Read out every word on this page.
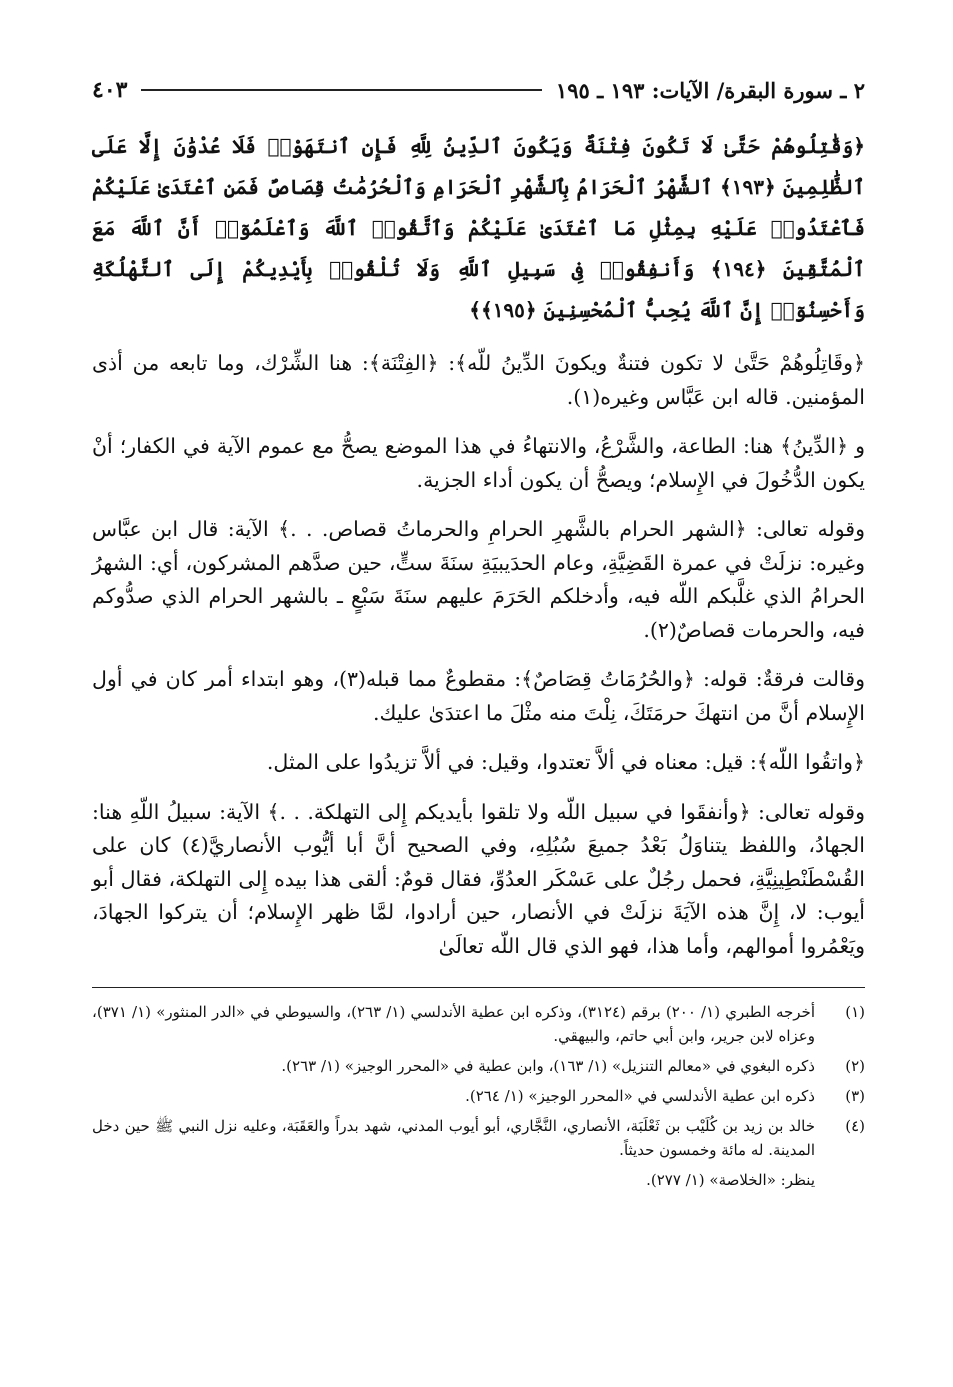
٢ ـ سورة البقرة/ الآيات: ١٩٣ ـ ١٩٥
٤٠٣
﴿وَقَٰتِلُوهُمْ حَتَّىٰ لَا تَكُونَ فِتْنَةٌ وَيَكُونَ ٱلدِّينُ لِلَّهِ فَإِنِ ٱنتَهَوْا۟ فَلَا عُدْوَٰنَ إِلَّا عَلَى ٱلظَّٰلِمِينَ ﴿١٩٣﴾ ٱلشَّهْرُ ٱلْحَرَامُ بِٱلشَّهْرِ ٱلْحَرَامِ وَٱلْحُرُمَٰتُ قِصَاصٌ فَمَنِ ٱعْتَدَىٰ عَلَيْكُمْ فَٱعْتَدُوا۟ عَلَيْهِ بِمِثْلِ مَا ٱعْتَدَىٰ عَلَيْكُمْ وَٱتَّقُوا۟ ٱللَّهَ وَٱعْلَمُوٓا۟ أَنَّ ٱللَّهَ مَعَ ٱلْمُتَّقِينَ ﴿١٩٤﴾ وَأَنفِقُوا۟ فِى سَبِيلِ ٱللَّهِ وَلَا تُلْقُوا۟ بِأَيْدِيكُمْ إِلَى ٱلتَّهْلُكَةِ وَأَحْسِنُوٓا۟ إِنَّ ٱللَّهَ يُحِبُّ ٱلْمُحْسِنِينَ ﴿١٩٥﴾﴾
﴿وقَاتِلُوهُمْ حَتَّىٰ لا تكون فتنةٌ ويكونَ الدِّينُ للّه﴾: ﴿الفِتْنَة﴾: هنا الشِّرْك، وما تابعه من أذى المؤمنين. قاله ابن عَبَّاس وغيره(١).
و ﴿الدِّينُ﴾ هنا: الطاعة، والشَّرْعُ، والانتهاءُ في هذا الموضع يصحُّ مع عموم الآية في الكفار؛ أنْ يكون الدُّخُولَ في الإِسلام؛ ويصحُّ أن يكون أداء الجزية.
وقوله تعالى: ﴿الشهر الحرام بالشَّهرِ الحرامِ والحرماتُ قصاص. . .﴾ الآية: قال ابن عبَّاس وغيره: نزلَتْ في عمرة القَضِيَّةِ، وعام الحدَيبيَةِ سنَةَ ستٍّ، حين صدَّهم المشركون، أي: الشهرُ الحرامُ الذي غلَّبكم اللّه فيه، وأدخلكم الحَرَمَ عليهم سنَةَ سَبْعٍ ـ بالشهر الحرام الذي صدُّوكم فيه، والحرمات قصاصٌ(٢).
وقالت فرقةٌ: قوله: ﴿والحُرُمَاتُ قِصَاصٌ﴾: مقطوعٌ مما قبله(٣)، وهو ابتداء أمر كان في أول الإِسلام أنَّ من انتهكَ حرمَتَكَ، نِلْتَ منه مثْلَ ما اعتدَىٰ عليك.
﴿واتقُوا اللّه﴾: قيل: معناه في ألاَّ تعتدوا، وقيل: في ألاَّ تزيدُوا على المثل.
وقوله تعالى: ﴿وأنفقَوا في سبيل اللّه ولا تلقوا بأيديكم إِلى التهلكة. . .﴾ الآية: سبيلُ اللّهِ هنا: الجهادُ، واللفظ يتناوَلُ بَعْدُ جميعَ سُبُلِهِ، وفي الصحيح أنَّ أبا أيُّوب الأنصاريَّ(٤) كان على القُسْطَنْطِينِيَّةِ، فحمل رجُلٌ على عَسْكَر العدُوِّ، فقال قومٌ: ألقى هذا بيده إِلى التهلكة، فقال أبو أيوب: لا، إِنَّ هذه الآيَةَ نزلَتْ في الأنصار، حين أرادوا، لمَّا ظهر الإِسلام؛ أن يتركوا الجهادَ، ويَعْمُروا أموالهم، وأما هذا، فهو الذي قال اللّه تعالَىٰ
(١)
أخرجه الطبري (١/ ٢٠٠) برقم (٣١٢٤)، وذكره ابن عطية الأندلسي (١/ ٢٦٣)، والسيوطي في «الدر المنثور» (١/ ٣٧١)، وعزاه لابن جرير، وابن أبي حاتم، والبيهقي.
(٢)
ذكره البغوي في «معالم التنزيل» (١/ ١٦٣)، وابن عطية في «المحرر الوجيز» (١/ ٢٦٣).
(٣)
ذكره ابن عطية الأندلسي في «المحرر الوجيز» (١/ ٢٦٤).
(٤)
خالد بن زيد بن كُلَيْب بن ثَعْلَبَة، الأنصاري، النَّجَّاري، أبو أيوب المدني، شهد بدراً والعَقَبَة، وعليه نزل النبي ﷺ حين دخل المدينة. له مائة وخمسون حديثاً.
ينظر: «الخلاصة» (١/ ٢٧٧).
